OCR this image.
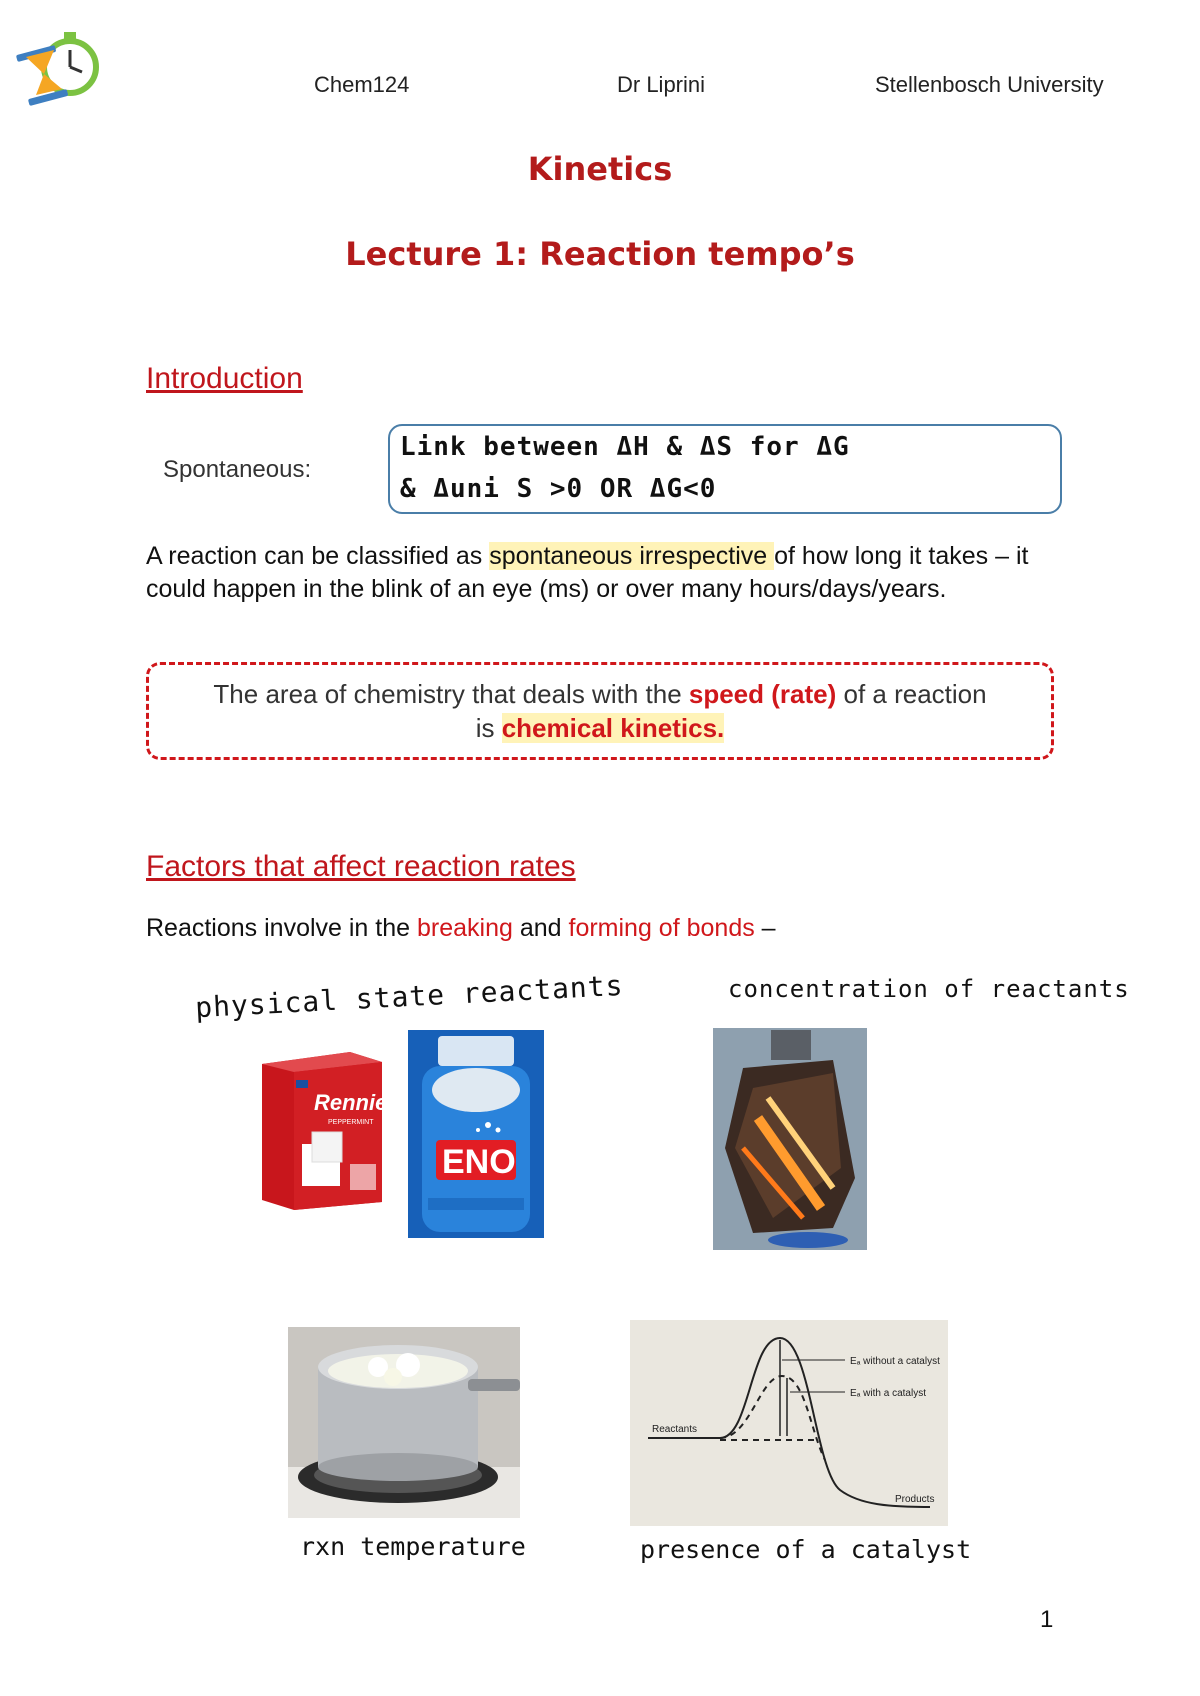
Chem124	Dr Liprini	Stellenbosch University
Kinetics
Lecture 1: Reaction tempo’s
Introduction
Spontaneous:
Link between ΔH & ΔS for ΔG
& Δuni S >0 OR ΔG<0
A reaction can be classified as spontaneous irrespective of how long it takes – it could happen in the blink of an eye (ms) or over many hours/days/years.
The area of chemistry that deals with the speed (rate) of a reaction
is chemical kinetics.
Factors that affect reaction rates
Reactions involve in the breaking and forming of bonds –
physical state reactants	concentration of reactants
Rennie
PEPPERMINT
ENO
Eₐ without a catalyst
Eₐ with a catalyst
Reactants
Products
rxn temperature	presence of a catalyst
1
